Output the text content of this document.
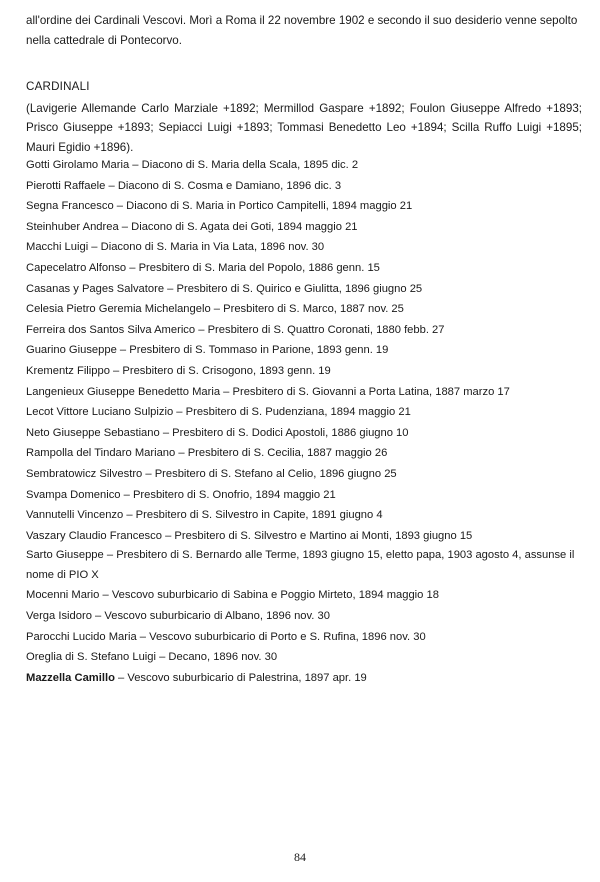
all'ordine dei Cardinali Vescovi. Morì a Roma il 22 novembre 1902 e secondo il suo desiderio venne sepolto nella cattedrale di Pontecorvo.

CARDINALI

(Lavigerie Allemande Carlo Marziale +1892; Mermillod Gaspare +1892; Foulon Giuseppe Alfredo +1893; Prisco Giuseppe +1893; Sepiacci Luigi +1893; Tommasi Benedetto Leo +1894; Scilla Ruffo Luigi +1895; Mauri Egidio +1896).

Gotti Girolamo Maria – Diacono di S. Maria della Scala, 1895 dic. 2
Pierotti Raffaele – Diacono di S. Cosma e Damiano, 1896 dic. 3
Segna Francesco – Diacono di S. Maria in Portico Campitelli, 1894 maggio 21
Steinhuber Andrea – Diacono di S. Agata dei Goti, 1894 maggio 21
Macchi Luigi – Diacono di S. Maria in Via Lata, 1896 nov. 30
Capecelatro Alfonso – Presbitero di S. Maria del Popolo, 1886 genn. 15
Casanas y Pages Salvatore – Presbitero di S. Quirico e Giulitta, 1896 giugno 25
Celesia Pietro Geremia Michelangelo – Presbitero di S. Marco, 1887 nov. 25
Ferreira dos Santos Silva Americo – Presbitero di S. Quattro Coronati, 1880 febb. 27
Guarino Giuseppe – Presbitero di S. Tommaso in Parione, 1893 genn. 19
Krementz Filippo – Presbitero di S. Crisogono, 1893 genn. 19
Langenieux Giuseppe Benedetto Maria – Presbitero di S. Giovanni a Porta Latina, 1887 marzo 17
Lecot Vittore Luciano Sulpizio – Presbitero di S. Pudenziana, 1894 maggio 21
Neto Giuseppe Sebastiano – Presbitero di S. Dodici Apostoli, 1886 giugno 10
Rampolla del Tindaro Mariano – Presbitero di S. Cecilia, 1887 maggio 26
Sembratowicz Silvestro – Presbitero di S. Stefano al Celio, 1896 giugno 25
Svampa Domenico – Presbitero di S. Onofrio, 1894 maggio 21
Vannutelli Vincenzo – Presbitero di S. Silvestro in Capite, 1891 giugno 4
Vaszary Claudio Francesco – Presbitero di S. Silvestro e Martino ai Monti, 1893 giugno 15
Sarto Giuseppe – Presbitero di S. Bernardo alle Terme, 1893 giugno 15, eletto papa, 1903 agosto 4, assunse il nome di PIO X
Mocenni Mario – Vescovo suburbicario di Sabina e Poggio Mirteto, 1894 maggio 18
Verga Isidoro – Vescovo suburbicario di Albano, 1896 nov. 30
Parocchi Lucido Maria – Vescovo suburbicario di Porto e S. Rufina, 1896 nov. 30
Oreglia di S. Stefano Luigi – Decano, 1896 nov. 30
Mazzella Camillo – Vescovo suburbicario di Palestrina, 1897 apr. 19
84
